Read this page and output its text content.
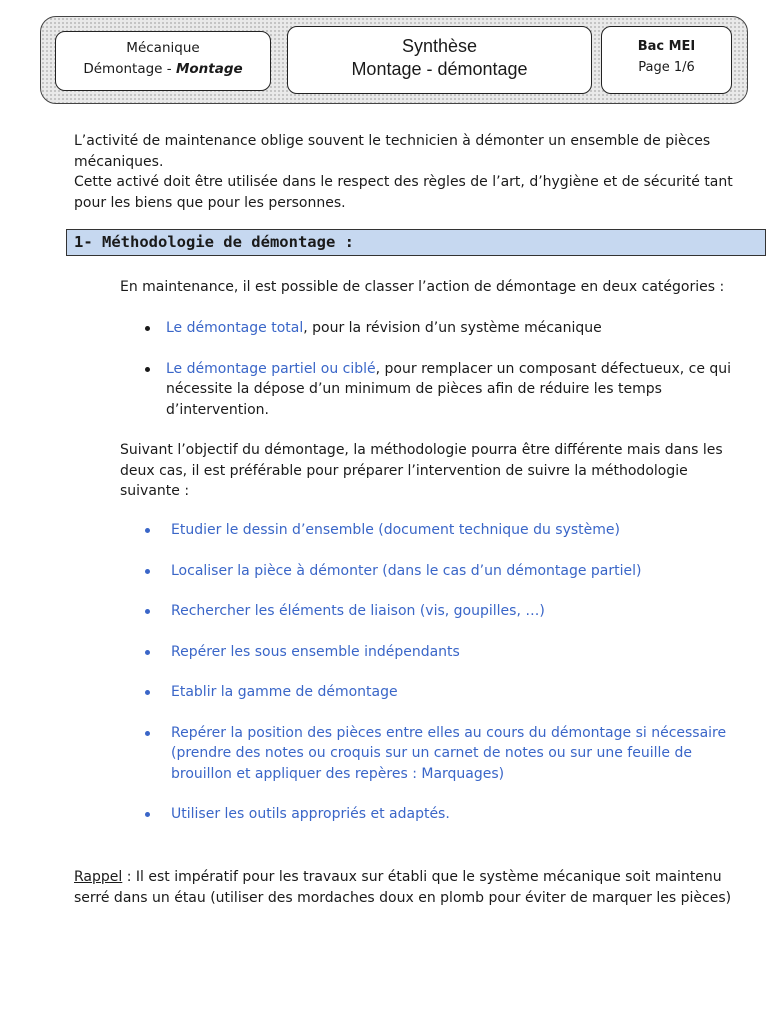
Mécanique
Démontage - Montage
Synthèse
Montage - démontage
Bac MEI
Page 1/6

L’activité de maintenance oblige souvent le technicien à démonter un ensemble de pièces mécaniques.
Cette activé doit être utilisée dans le respect des règles de l’art, d’hygiène et de sécurité tant pour les biens que pour les personnes.

1- Méthodologie de démontage :

En maintenance, il est possible de classer l’action de démontage en deux catégories :

Le démontage total, pour la révision d’un système mécanique
Le démontage partiel ou ciblé, pour remplacer un composant défectueux, ce qui nécessite la dépose d’un minimum de pièces afin de réduire les temps d’intervention.

Suivant l’objectif du démontage, la méthodologie pourra être différente mais dans les deux cas, il est préférable pour préparer l’intervention de suivre la méthodologie suivante :

Etudier le dessin d’ensemble (document technique du système)
Localiser la pièce à démonter (dans le cas d’un démontage partiel)
Rechercher les éléments de liaison (vis, goupilles, …)
Repérer les sous ensemble indépendants
Etablir la gamme de démontage
Repérer la position des pièces entre elles au cours du démontage si nécessaire (prendre des notes ou croquis sur un carnet de notes ou sur une feuille de brouillon et appliquer des repères : Marquages)
Utiliser les outils appropriés et adaptés.

Rappel : Il est impératif pour les travaux sur établi que le système mécanique soit maintenu serré dans un étau (utiliser des mordaches doux en plomb pour éviter de marquer les pièces)
